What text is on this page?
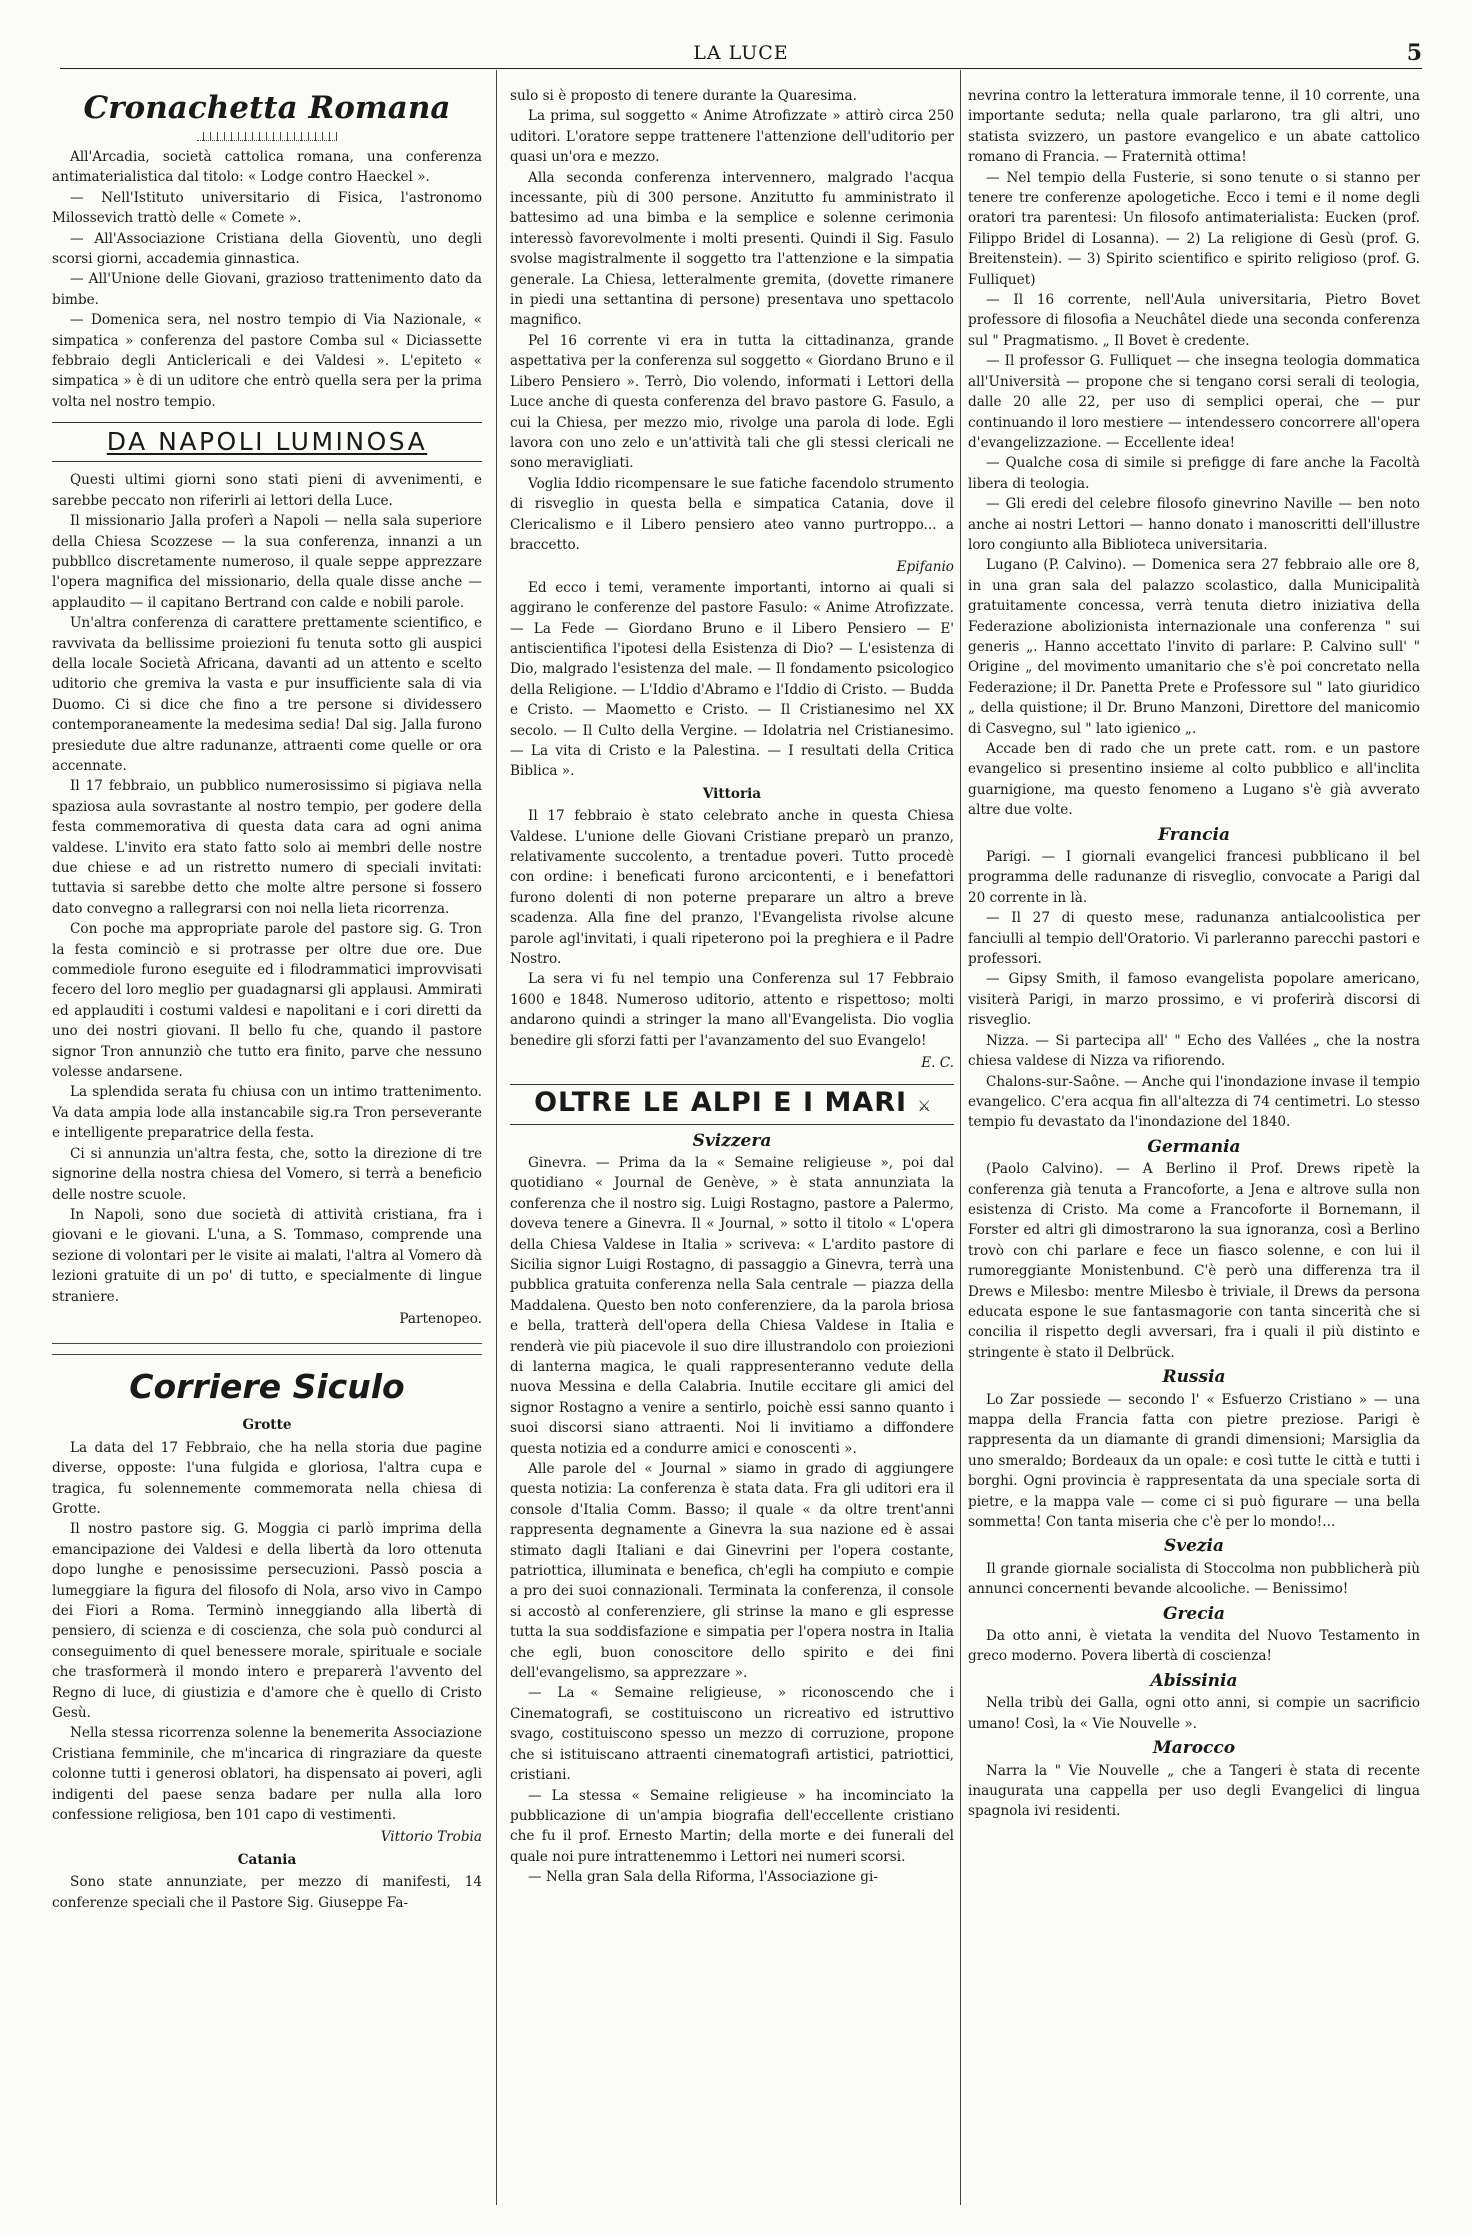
LA LUCE	5
Cronachetta Romana

All'Arcadia, società cattolica romana, una conferenza antimaterialistica dal titolo: « Lodge contro Haeckel ».

— Nell'Istituto universitario di Fisica, l'astronomo Milossevich trattò delle « Comete ».

— All'Associazione Cristiana della Gioventù, uno degli scorsi giorni, accademia ginnastica.

— All'Unione delle Giovani, grazioso trattenimento dato da bimbe.

— Domenica sera, nel nostro tempio di Via Nazionale, « simpatica » conferenza del pastore Comba sul « Diciassette febbraio degli Anticlericali e dei Valdesi ». L'epiteto « simpatica » è di un uditore che entrò quella sera per la prima volta nel nostro tempio.

DA NAPOLI LUMINOSA

Questi ultimi giorni sono stati pieni di avvenimenti, e sarebbe peccato non riferirli ai lettori della Luce.

Il missionario Jalla proferì a Napoli — nella sala superiore della Chiesa Scozzese — la sua conferenza, innanzi a un pubbllco discretamente numeroso, il quale seppe apprezzare l'opera magnifica del missionario, della quale disse anche — applaudito — il capitano Bertrand con calde e nobili parole.

Un'altra conferenza di carattere prettamente scientifico, e ravvivata da bellissime proiezioni fu tenuta sotto gli auspici della locale Società Africana, davanti ad un attento e scelto uditorio che gremiva la vasta e pur insufficiente sala di via Duomo. Ci si dice che fino a tre persone si dividessero contemporaneamente la medesima sedia! Dal sig. Jalla furono presiedute due altre radunanze, attraenti come quelle or ora accennate.

Il 17 febbraio, un pubblico numerosissimo si pigiava nella spaziosa aula sovrastante al nostro tempio, per godere della festa commemorativa di questa data cara ad ogni anima valdese. L'invito era stato fatto solo ai membri delle nostre due chiese e ad un ristretto numero di speciali invitati: tuttavia si sarebbe detto che molte altre persone si fossero dato convegno a rallegrarsi con noi nella lieta ricorrenza.

Con poche ma appropriate parole del pastore sig. G. Tron la festa cominciò e si protrasse per oltre due ore. Due commediole furono eseguite ed i filodrammatici improvvisati fecero del loro meglio per guadagnarsi gli applausi. Ammirati ed applauditi i costumi valdesi e napolitani e i cori diretti da uno dei nostri giovani. Il bello fu che, quando il pastore signor Tron annunziò che tutto era finito, parve che nessuno volesse andarsene.

La splendida serata fu chiusa con un intimo trattenimento. Va data ampia lode alla instancabile sig.ra Tron perseverante e intelligente preparatrice della festa.

Ci si annunzia un'altra festa, che, sotto la direzione di tre signorine della nostra chiesa del Vomero, si terrà a beneficio delle nostre scuole.

In Napoli, sono due società di attività cristiana, fra i giovani e le giovani. L'una, a S. Tommaso, comprende una sezione di volontari per le visite ai malati, l'altra al Vomero dà lezioni gratuite di un po' di tutto, e specialmente di lingue straniere.

Partenopeo.
Corriere Siculo
Grotte

La data del 17 Febbraio, che ha nella storia due pagine diverse, opposte: l'una fulgida e gloriosa, l'altra cupa e tragica, fu solennemente commemorata nella chiesa di Grotte.

Il nostro pastore sig. G. Moggia ci parlò imprima della emancipazione dei Valdesi e della libertà da loro ottenuta dopo lunghe e penosissime persecuzioni. Passò poscia a lumeggiare la figura del filosofo di Nola, arso vivo in Campo dei Fiori a Roma. Terminò inneggiando alla libertà di pensiero, di scienza e di coscienza, che sola può condurci al conseguimento di quel benessere morale, spirituale e sociale che trasformerà il mondo intero e preparerà l'avvento del Regno di luce, di giustizia e d'amore che è quello di Cristo Gesù.

Nella stessa ricorrenza solenne la benemerita Associazione Cristiana femminile, che m'incarica di ringraziare da queste colonne tutti i generosi oblatori, ha dispensato ai poveri, agli indigenti del paese senza badare per nulla alla loro confessione religiosa, ben 101 capo di vestimenti.

Vittorio Trobia
Catania

Sono state annunziate, per mezzo di manifesti, 14 conferenze speciali che il Pastore Sig. Giuseppe Fa-

sulo si è proposto di tenere durante la Quaresima.

La prima, sul soggetto « Anime Atrofizzate » attirò circa 250 uditori. L'oratore seppe trattenere l'attenzione dell'uditorio per quasi un'ora e mezzo.

Alla seconda conferenza intervennero, malgrado l'acqua incessante, più di 300 persone. Anzitutto fu amministrato il battesimo ad una bimba e la semplice e solenne cerimonia interessò favorevolmente i molti presenti. Quindi il Sig. Fasulo svolse magistralmente il soggetto tra l'attenzione e la simpatia generale. La Chiesa, letteralmente gremita, (dovette rimanere in piedi una settantina di persone) presentava uno spettacolo magnifico.

Pel 16 corrente vi era in tutta la cittadinanza, grande aspettativa per la conferenza sul soggetto « Giordano Bruno e il Libero Pensiero ». Terrò, Dio volendo, informati i Lettori della Luce anche di questa conferenza del bravo pastore G. Fasulo, a cui la Chiesa, per mezzo mio, rivolge una parola di lode. Egli lavora con uno zelo e un'attività tali che gli stessi clericali ne sono meravigliati.

Voglia Iddio ricompensare le sue fatiche facendolo strumento di risveglio in questa bella e simpatica Catania, dove il Clericalismo e il Libero pensiero ateo vanno purtroppo... a braccetto.

Epifanio

Ed ecco i temi, veramente importanti, intorno ai quali si aggirano le conferenze del pastore Fasulo: « Anime Atrofizzate. — La Fede — Giordano Bruno e il Libero Pensiero — E' antiscientifica l'ipotesi della Esistenza di Dio? — L'esistenza di Dio, malgrado l'esistenza del male. — Il fondamento psicologico della Religione. — L'Iddio d'Abramo e l'Iddio di Cristo. — Budda e Cristo. — Maometto e Cristo. — Il Cristianesimo nel XX secolo. — Il Culto della Vergine. — Idolatria nel Cristianesimo. — La vita di Cristo e la Palestina. — I resultati della Critica Biblica ».

Vittoria

Il 17 febbraio è stato celebrato anche in questa Chiesa Valdese. L'unione delle Giovani Cristiane preparò un pranzo, relativamente succolento, a trentadue poveri. Tutto procedè con ordine: i beneficati furono arcicontenti, e i benefattori furono dolenti di non poterne preparare un altro a breve scadenza. Alla fine del pranzo, l'Evangelista rivolse alcune parole agl'invitati, i quali ripeterono poi la preghiera e il Padre Nostro.

La sera vi fu nel tempio una Conferenza sul 17 Febbraio 1600 e 1848. Numeroso uditorio, attento e rispettoso; molti andarono quindi a stringer la mano all'Evangelista. Dio voglia benedire gli sforzi fatti per l'avanzamento del suo Evangelo!

E. C.
OLTRE LE ALPI E I MARI ⚔
Svizzera

Ginevra. — Prima da la « Semaine religieuse », poi dal quotidiano « Journal de Genève, » è stata annunziata la conferenza che il nostro sig. Luigi Rostagno, pastore a Palermo, doveva tenere a Ginevra. Il « Journal, » sotto il titolo « L'opera della Chiesa Valdese in Italia » scriveva: « L'ardito pastore di Sicilia signor Luigi Rostagno, di passaggio a Ginevra, terrà una pubblica gratuita conferenza nella Sala centrale — piazza della Maddalena. Questo ben noto conferenziere, da la parola briosa e bella, tratterà dell'opera della Chiesa Valdese in Italia e renderà vie più piacevole il suo dire illustrandolo con proiezioni di lanterna magica, le quali rappresenteranno vedute della nuova Messina e della Calabria. Inutile eccitare gli amici del signor Rostagno a venire a sentirlo, poichè essi sanno quanto i suoi discorsi siano attraenti. Noi li invitiamo a diffondere questa notizia ed a condurre amici e conoscenti ».

Alle parole del « Journal » siamo in grado di aggiungere questa notizia: La conferenza è stata data. Fra gli uditori era il console d'Italia Comm. Basso; il quale « da oltre trent'anni rappresenta degnamente a Ginevra la sua nazione ed è assai stimato dagli Italiani e dai Ginevrini per l'opera costante, patriottica, illuminata e benefica, ch'egli ha compiuto e compie a pro dei suoi connazionali. Terminata la conferenza, il console si accostò al conferenziere, gli strinse la mano e gli espresse tutta la sua soddisfazione e simpatia per l'opera nostra in Italia che egli, buon conoscitore dello spirito e dei fini dell'evangelismo, sa apprezzare ».

— La « Semaine religieuse, » riconoscendo che i Cinematografi, se costituiscono un ricreativo ed istruttivo svago, costituiscono spesso un mezzo di corruzione, propone che si istituiscano attraenti cinematografi artistici, patriottici, cristiani.

— La stessa « Semaine religieuse » ha incominciato la pubblicazione di un'ampia biografia dell'eccellente cristiano che fu il prof. Ernesto Martin; della morte e dei funerali del quale noi pure intrattenemmo i Lettori nei numeri scorsi.

— Nella gran Sala della Riforma, l'Associazione gi-

nevrina contro la letteratura immorale tenne, il 10 corrente, una importante seduta; nella quale parlarono, tra gli altri, uno statista svizzero, un pastore evangelico e un abate cattolico romano di Francia. — Fraternità ottima!

— Nel tempio della Fusterie, si sono tenute o si stanno per tenere tre conferenze apologetiche. Ecco i temi e il nome degli oratori tra parentesi: Un filosofo antimaterialista: Eucken (prof. Filippo Bridel di Losanna). — 2) La religione di Gesù (prof. G. Breitenstein). — 3) Spirito scientifico e spirito religioso (prof. G. Fulliquet)

— Il 16 corrente, nell'Aula universitaria, Pietro Bovet professore di filosofia a Neuchâtel diede una seconda conferenza sul " Pragmatismo. „ Il Bovet è credente.

— Il professor G. Fulliquet — che insegna teologia dommatica all'Università — propone che si tengano corsi serali di teologia, dalle 20 alle 22, per uso di semplici operai, che — pur continuando il loro mestiere — intendessero concorrere all'opera d'evangelizzazione. — Eccellente idea!

— Qualche cosa di simile si prefigge di fare anche la Facoltà libera di teologia.

— Gli eredi del celebre filosofo ginevrino Naville — ben noto anche ai nostri Lettori — hanno donato i manoscritti dell'illustre loro congiunto alla Biblioteca universitaria.

Lugano (P. Calvino). — Domenica sera 27 febbraio alle ore 8, in una gran sala del palazzo scolastico, dalla Municipalità gratuitamente concessa, verrà tenuta dietro iniziativa della Federazione abolizionista internazionale una conferenza " sui generis „. Hanno accettato l'invito di parlare: P. Calvino sull' " Origine „ del movimento umanitario che s'è poi concretato nella Federazione; il Dr. Panetta Prete e Professore sul " lato giuridico „ della quistione; il Dr. Bruno Manzoni, Direttore del manicomio di Casvegno, sul " lato igienico „.

Accade ben di rado che un prete catt. rom. e un pastore evangelico si presentino insieme al colto pubblico e all'inclita guarnigione, ma questo fenomeno a Lugano s'è già avverato altre due volte.

Francia

Parigi. — I giornali evangelici francesi pubblicano il bel programma delle radunanze di risveglio, convocate a Parigi dal 20 corrente in là.

— Il 27 di questo mese, radunanza antialcoolistica per fanciulli al tempio dell'Oratorio. Vi parleranno parecchi pastori e professori.

— Gipsy Smith, il famoso evangelista popolare americano, visiterà Parigi, in marzo prossimo, e vi proferirà discorsi di risveglio.

Nizza. — Si partecipa all' " Echo des Vallées „ che la nostra chiesa valdese di Nizza va rifiorendo.

Chalons-sur-Saône. — Anche qui l'inondazione invase il tempio evangelico. C'era acqua fin all'altezza di 74 centimetri. Lo stesso tempio fu devastato da l'inondazione del 1840.

Germania

(Paolo Calvino). — A Berlino il Prof. Drews ripetè la conferenza già tenuta a Francoforte, a Jena e altrove sulla non esistenza di Cristo. Ma come a Francoforte il Bornemann, il Forster ed altri gli dimostrarono la sua ignoranza, così a Berlino trovò con chi parlare e fece un fiasco solenne, e con lui il rumoreggiante Monistenbund. C'è però una differenza tra il Drews e Milesbo: mentre Milesbo è triviale, il Drews da persona educata espone le sue fantasmagorie con tanta sincerità che si concilia il rispetto degli avversari, fra i quali il più distinto e stringente è stato il Delbrück.

Russia

Lo Zar possiede — secondo l' « Esfuerzo Cristiano » — una mappa della Francia fatta con pietre preziose. Parigi è rappresenta da un diamante di grandi dimensioni; Marsiglia da uno smeraldo; Bordeaux da un opale: e così tutte le città e tutti i borghi. Ogni provincia è rappresentata da una speciale sorta di pietre, e la mappa vale — come ci si può figurare — una bella sommetta! Con tanta miseria che c'è per lo mondo!...

Svezia

Il grande giornale socialista di Stoccolma non pubblicherà più annunci concernenti bevande alcooliche. — Benissimo!

Grecia

Da otto anni, è vietata la vendita del Nuovo Testamento in greco moderno. Povera libertà di coscienza!

Abissinia

Nella tribù dei Galla, ogni otto anni, si compie un sacrificio umano! Così, la « Vie Nouvelle ».

Marocco

Narra la " Vie Nouvelle „ che a Tangeri è stata di recente inaugurata una cappella per uso degli Evangelici di lingua spagnola ivi residenti.
